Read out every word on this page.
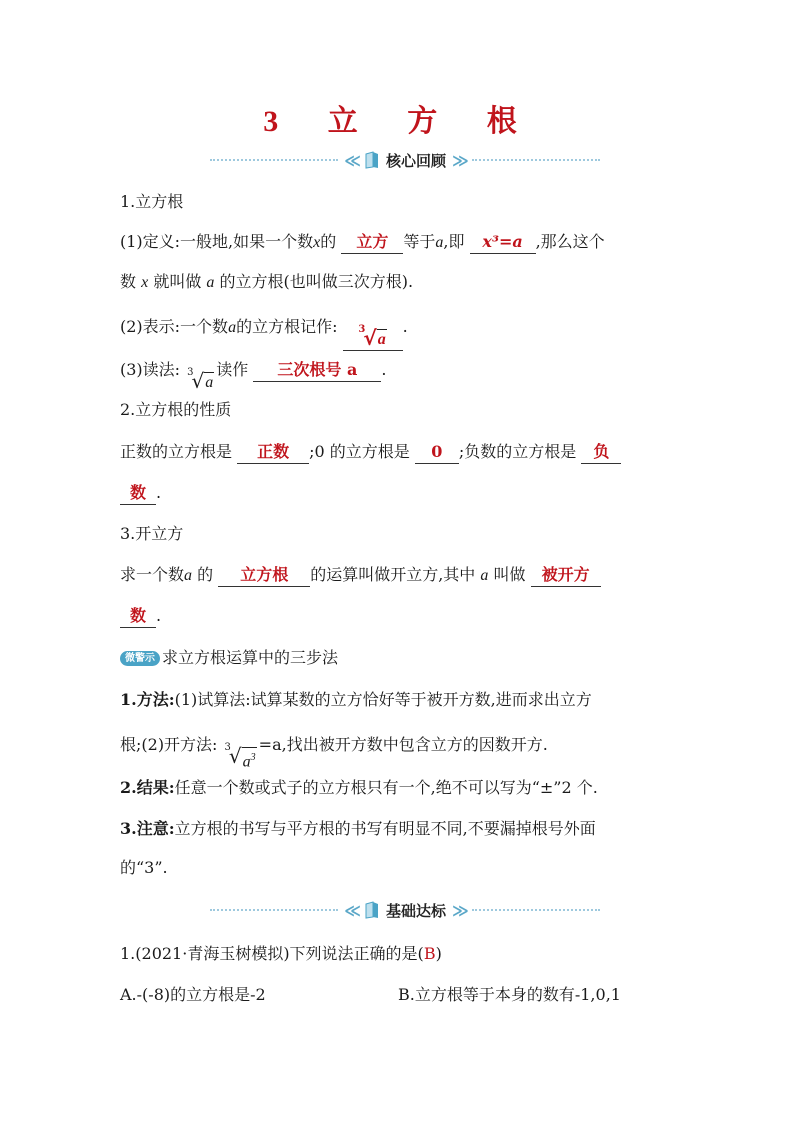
3 立 方 根
≪ 核心回顾 ≫
1.立方根
(1)定义:一般地,如果一个数x的 立方 等于a,即 x³=a ,那么这个
数 x 就叫做 a 的立方根(也叫做三次方根).
(2)表示:一个数a的立方根记作: 3
√ a
.
(3)读法: 3
√ a
读作 三次根号 a .
2.立方根的性质
正数的立方根是 正数 ;0 的立方根是 0 ;负数的立方根是 负
数 .
3.开立方
求一个数a 的 立方根 的运算叫做开立方,其中 a 叫做 被开方
数 .
微警示 求立方根运算中的三步法
1.方法:(1)试算法:试算某数的立方恰好等于被开方数,进而求出立方
根;(2)开方法: 3
√ $a^3$
=a,找出被开方数中包含立方的因数开方.
2.结果:任意一个数或式子的立方根只有一个,绝不可以写为“±”2 个.
3.注意:立方根的书写与平方根的书写有明显不同,不要漏掉根号外面
的“3”.
≪ 基础达标 ≫
1.(2021·青海玉树模拟)下列说法正确的是(B)
A.-(-8)的立方根是-2	B.立方根等于本身的数有-1,0,1
